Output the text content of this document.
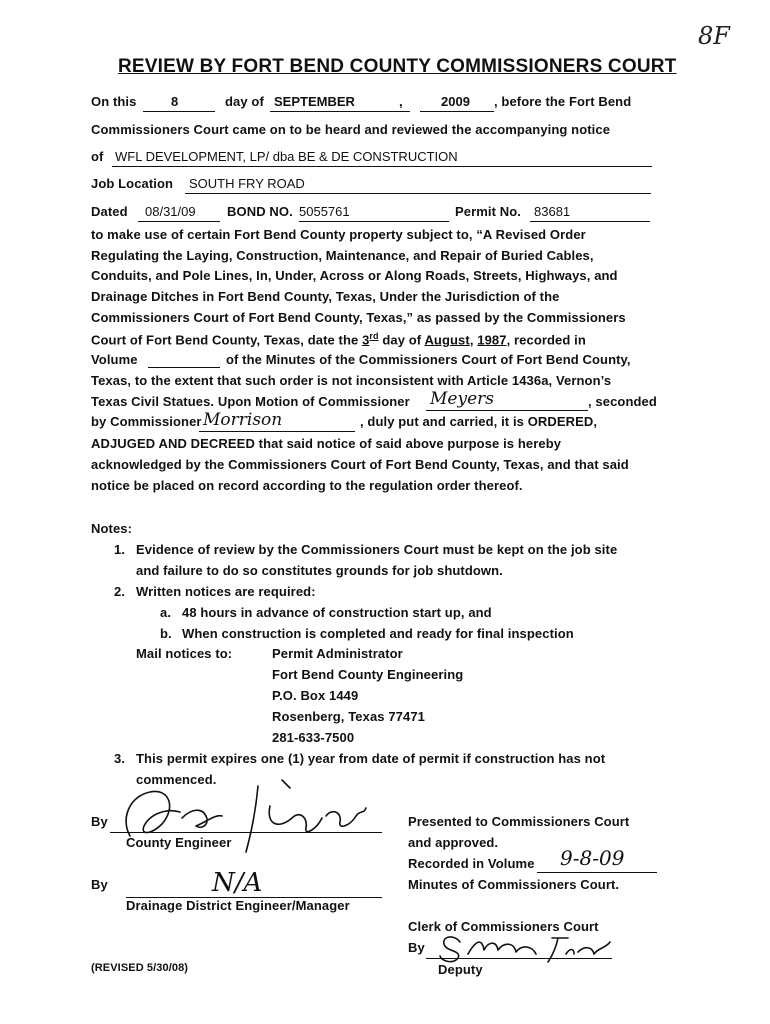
8F
REVIEW BY FORT BEND COUNTY COMMISSIONERS COURT
On this	8	day of SEPTEMBER	,	2009 , before the Fort Bend
Commissioners Court came on to be heard and reviewed the accompanying notice
of WFL DEVELOPMENT, LP/ dba BE & DE CONSTRUCTION
Job Location SOUTH FRY ROAD
Dated 08/31/09 BOND NO. 5055761	Permit No. 83681
to make use of certain Fort Bend County property subject to, “A Revised Order
Regulating the Laying, Construction, Maintenance, and Repair of Buried Cables,
Conduits, and Pole Lines, In, Under, Across or Along Roads, Streets, Highways, and
Drainage Ditches in Fort Bend County, Texas, Under the Jurisdiction of the
Commissioners Court of Fort Bend County, Texas,” as passed by the Commissioners
Court of Fort Bend County, Texas, date the 3rd day of August, 1987, recorded in
Volume	of the Minutes of the Commissioners Court of Fort Bend County,
Texas, to the extent that such order is not inconsistent with Article 1436a, Vernon’s
Texas Civil Statues. Upon Motion of Commissioner Meyers	, seconded
by Commissioner Morrison	, duly put and carried, it is ORDERED,
ADJUGED AND DECREED that said notice of said above purpose is hereby
acknowledged by the Commissioners Court of Fort Bend County, Texas, and that said
notice be placed on record according to the regulation order thereof.
Notes:
1. Evidence of review by the Commissioners Court must be kept on the job site
and failure to do so constitutes grounds for job shutdown.
2. Written notices are required:
a. 48 hours in advance of construction start up, and
b. When construction is completed and ready for final inspection
Mail notices to:	Permit Administrator
Fort Bend County Engineering
P.O. Box 1449
Rosenberg, Texas 77471
281-633-7500
3. This permit expires one (1) year from date of permit if construction has not
commenced.
By
County Engineer
By	N/A
Drainage District Engineer/Manager
Presented to Commissioners Court
and approved.
Recorded in Volume 9-8-09
Minutes of Commissioners Court.
Clerk of Commissioners Court
By
Deputy
(REVISED 5/30/08)
